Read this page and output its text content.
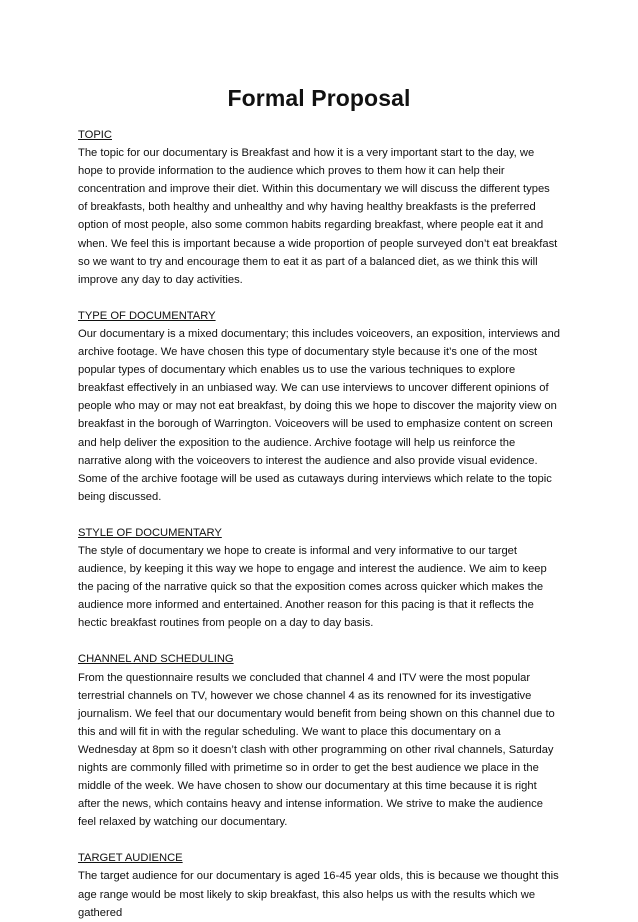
Formal Proposal
TOPIC

The topic for our documentary is Breakfast and how it is a very important start to the day, we hope to provide information to the audience which proves to them how it can help their concentration and improve their diet. Within this documentary we will discuss the different types of breakfasts, both healthy and unhealthy and why having healthy breakfasts is the preferred option of most people, also some common habits regarding breakfast, where people eat it and when. We feel this is important because a wide proportion of people surveyed don’t eat breakfast so we want to try and encourage them to eat it as part of a balanced diet, as we think this will improve any day to day activities.

TYPE OF DOCUMENTARY

Our documentary is a mixed documentary; this includes voiceovers, an exposition, interviews and archive footage. We have chosen this type of documentary style because it’s one of the most popular types of documentary which enables us to use the various techniques to explore breakfast effectively in an unbiased way. We can use interviews to uncover different opinions of people who may or may not eat breakfast, by doing this we hope to discover the majority view on breakfast in the borough of Warrington. Voiceovers will be used to emphasize content on screen and help deliver the exposition to the audience. Archive footage will help us reinforce the narrative along with the voiceovers to interest the audience and also provide visual evidence. Some of the archive footage will be used as cutaways during interviews which relate to the topic being discussed.

STYLE OF DOCUMENTARY

The style of documentary we hope to create is informal and very informative to our target audience, by keeping it this way we hope to engage and interest the audience. We aim to keep the pacing of the narrative quick so that the exposition comes across quicker which makes the audience more informed and entertained. Another reason for this pacing is that it reflects the hectic breakfast routines from people on a day to day basis.

CHANNEL AND SCHEDULING

From the questionnaire results we concluded that channel 4 and ITV were the most popular terrestrial channels on TV, however we chose channel 4 as its renowned for its investigative journalism. We feel that our documentary would benefit from being shown on this channel due to this and will fit in with the regular scheduling. We want to place this documentary on a Wednesday at 8pm so it doesn’t clash with other programming on other rival channels, Saturday nights are commonly filled with primetime so in order to get the best audience we place in the middle of the week. We have chosen to show our documentary at this time because it is right after the news, which contains heavy and intense information. We strive to make the audience feel relaxed by watching our documentary.

TARGET AUDIENCE

The target audience for our documentary is aged 16-45 year olds, this is because we thought this age range would be most likely to skip breakfast, this also helps us with the results which we gathered
